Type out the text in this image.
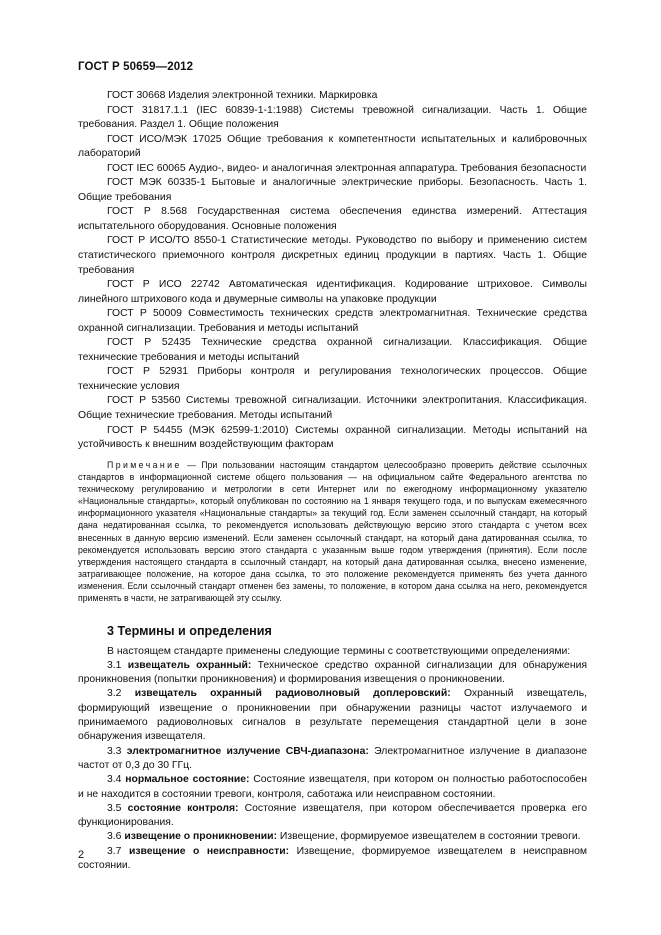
ГОСТ Р 50659—2012

ГОСТ 30668 Изделия электронной техники. Маркировка

ГОСТ 31817.1.1 (IEC 60839-1-1:1988) Системы тревожной сигнализации. Часть 1. Общие требования. Раздел 1. Общие положения

ГОСТ ИСО/МЭК 17025 Общие требования к компетентности испытательных и калибровочных лабораторий

ГОСТ IEC 60065 Аудио-, видео- и аналогичная электронная аппаратура. Требования безопасности

ГОСТ МЭК 60335-1 Бытовые и аналогичные электрические приборы. Безопасность. Часть 1. Общие требования

ГОСТ Р 8.568 Государственная система обеспечения единства измерений. Аттестация испытательного оборудования. Основные положения

ГОСТ Р ИСО/ТО 8550-1 Статистические методы. Руководство по выбору и применению систем статистического приемочного контроля дискретных единиц продукции в партиях. Часть 1. Общие требования

ГОСТ Р ИСО 22742 Автоматическая идентификация. Кодирование штриховое. Символы линейного штрихового кода и двумерные символы на упаковке продукции

ГОСТ Р 50009 Совместимость технических средств электромагнитная. Технические средства охранной сигнализации. Требования и методы испытаний

ГОСТ Р 52435 Технические средства охранной сигнализации. Классификация. Общие технические требования и методы испытаний

ГОСТ Р 52931 Приборы контроля и регулирования технологических процессов. Общие технические условия

ГОСТ Р 53560 Системы тревожной сигнализации. Источники электропитания. Классификация. Общие технические требования. Методы испытаний

ГОСТ Р 54455 (МЭК 62599-1:2010) Системы охранной сигнализации. Методы испытаний на устойчивость к внешним воздействующим факторам

Примечание — При пользовании настоящим стандартом целесообразно проверить действие ссылочных стандартов в информационной системе общего пользования — на официальном сайте Федерального агентства по техническому регулированию и метрологии в сети Интернет или по ежегодному информационному указателю «Национальные стандарты», который опубликован по состоянию на 1 января текущего года, и по выпускам ежемесячного информационного указателя «Национальные стандарты» за текущий год. Если заменен ссылочный стандарт, на который дана недатированная ссылка, то рекомендуется использовать действующую версию этого стандарта с учетом всех внесенных в данную версию изменений. Если заменен ссылочный стандарт, на который дана датированная ссылка, то рекомендуется использовать версию этого стандарта с указанным выше годом утверждения (принятия). Если после утверждения настоящего стандарта в ссылочный стандарт, на который дана датированная ссылка, внесено изменение, затрагивающее положение, на которое дана ссылка, то это положение рекомендуется применять без учета данного изменения. Если ссылочный стандарт отменен без замены, то положение, в котором дана ссылка на него, рекомендуется применять в части, не затрагивающей эту ссылку.
3 Термины и определения

В настоящем стандарте применены следующие термины с соответствующими определениями:

3.1 извещатель охранный: Техническое средство охранной сигнализации для обнаружения проникновения (попытки проникновения) и формирования извещения о проникновении.

3.2 извещатель охранный радиоволновый доплеровский: Охранный извещатель, формирующий извещение о проникновении при обнаружении разницы частот излучаемого и принимаемого радиоволновых сигналов в результате перемещения стандартной цели в зоне обнаружения извещателя.

3.3 электромагнитное излучение СВЧ-диапазона: Электромагнитное излучение в диапазоне частот от 0,3 до 30 ГГц.

3.4 нормальное состояние: Состояние извещателя, при котором он полностью работоспособен и не находится в состоянии тревоги, контроля, саботажа или неисправном состоянии.

3.5 состояние контроля: Состояние извещателя, при котором обеспечивается проверка его функционирования.

3.6 извещение о проникновении: Извещение, формируемое извещателем в состоянии тревоги.

3.7 извещение о неисправности: Извещение, формируемое извещателем в неисправном состоянии.

2
